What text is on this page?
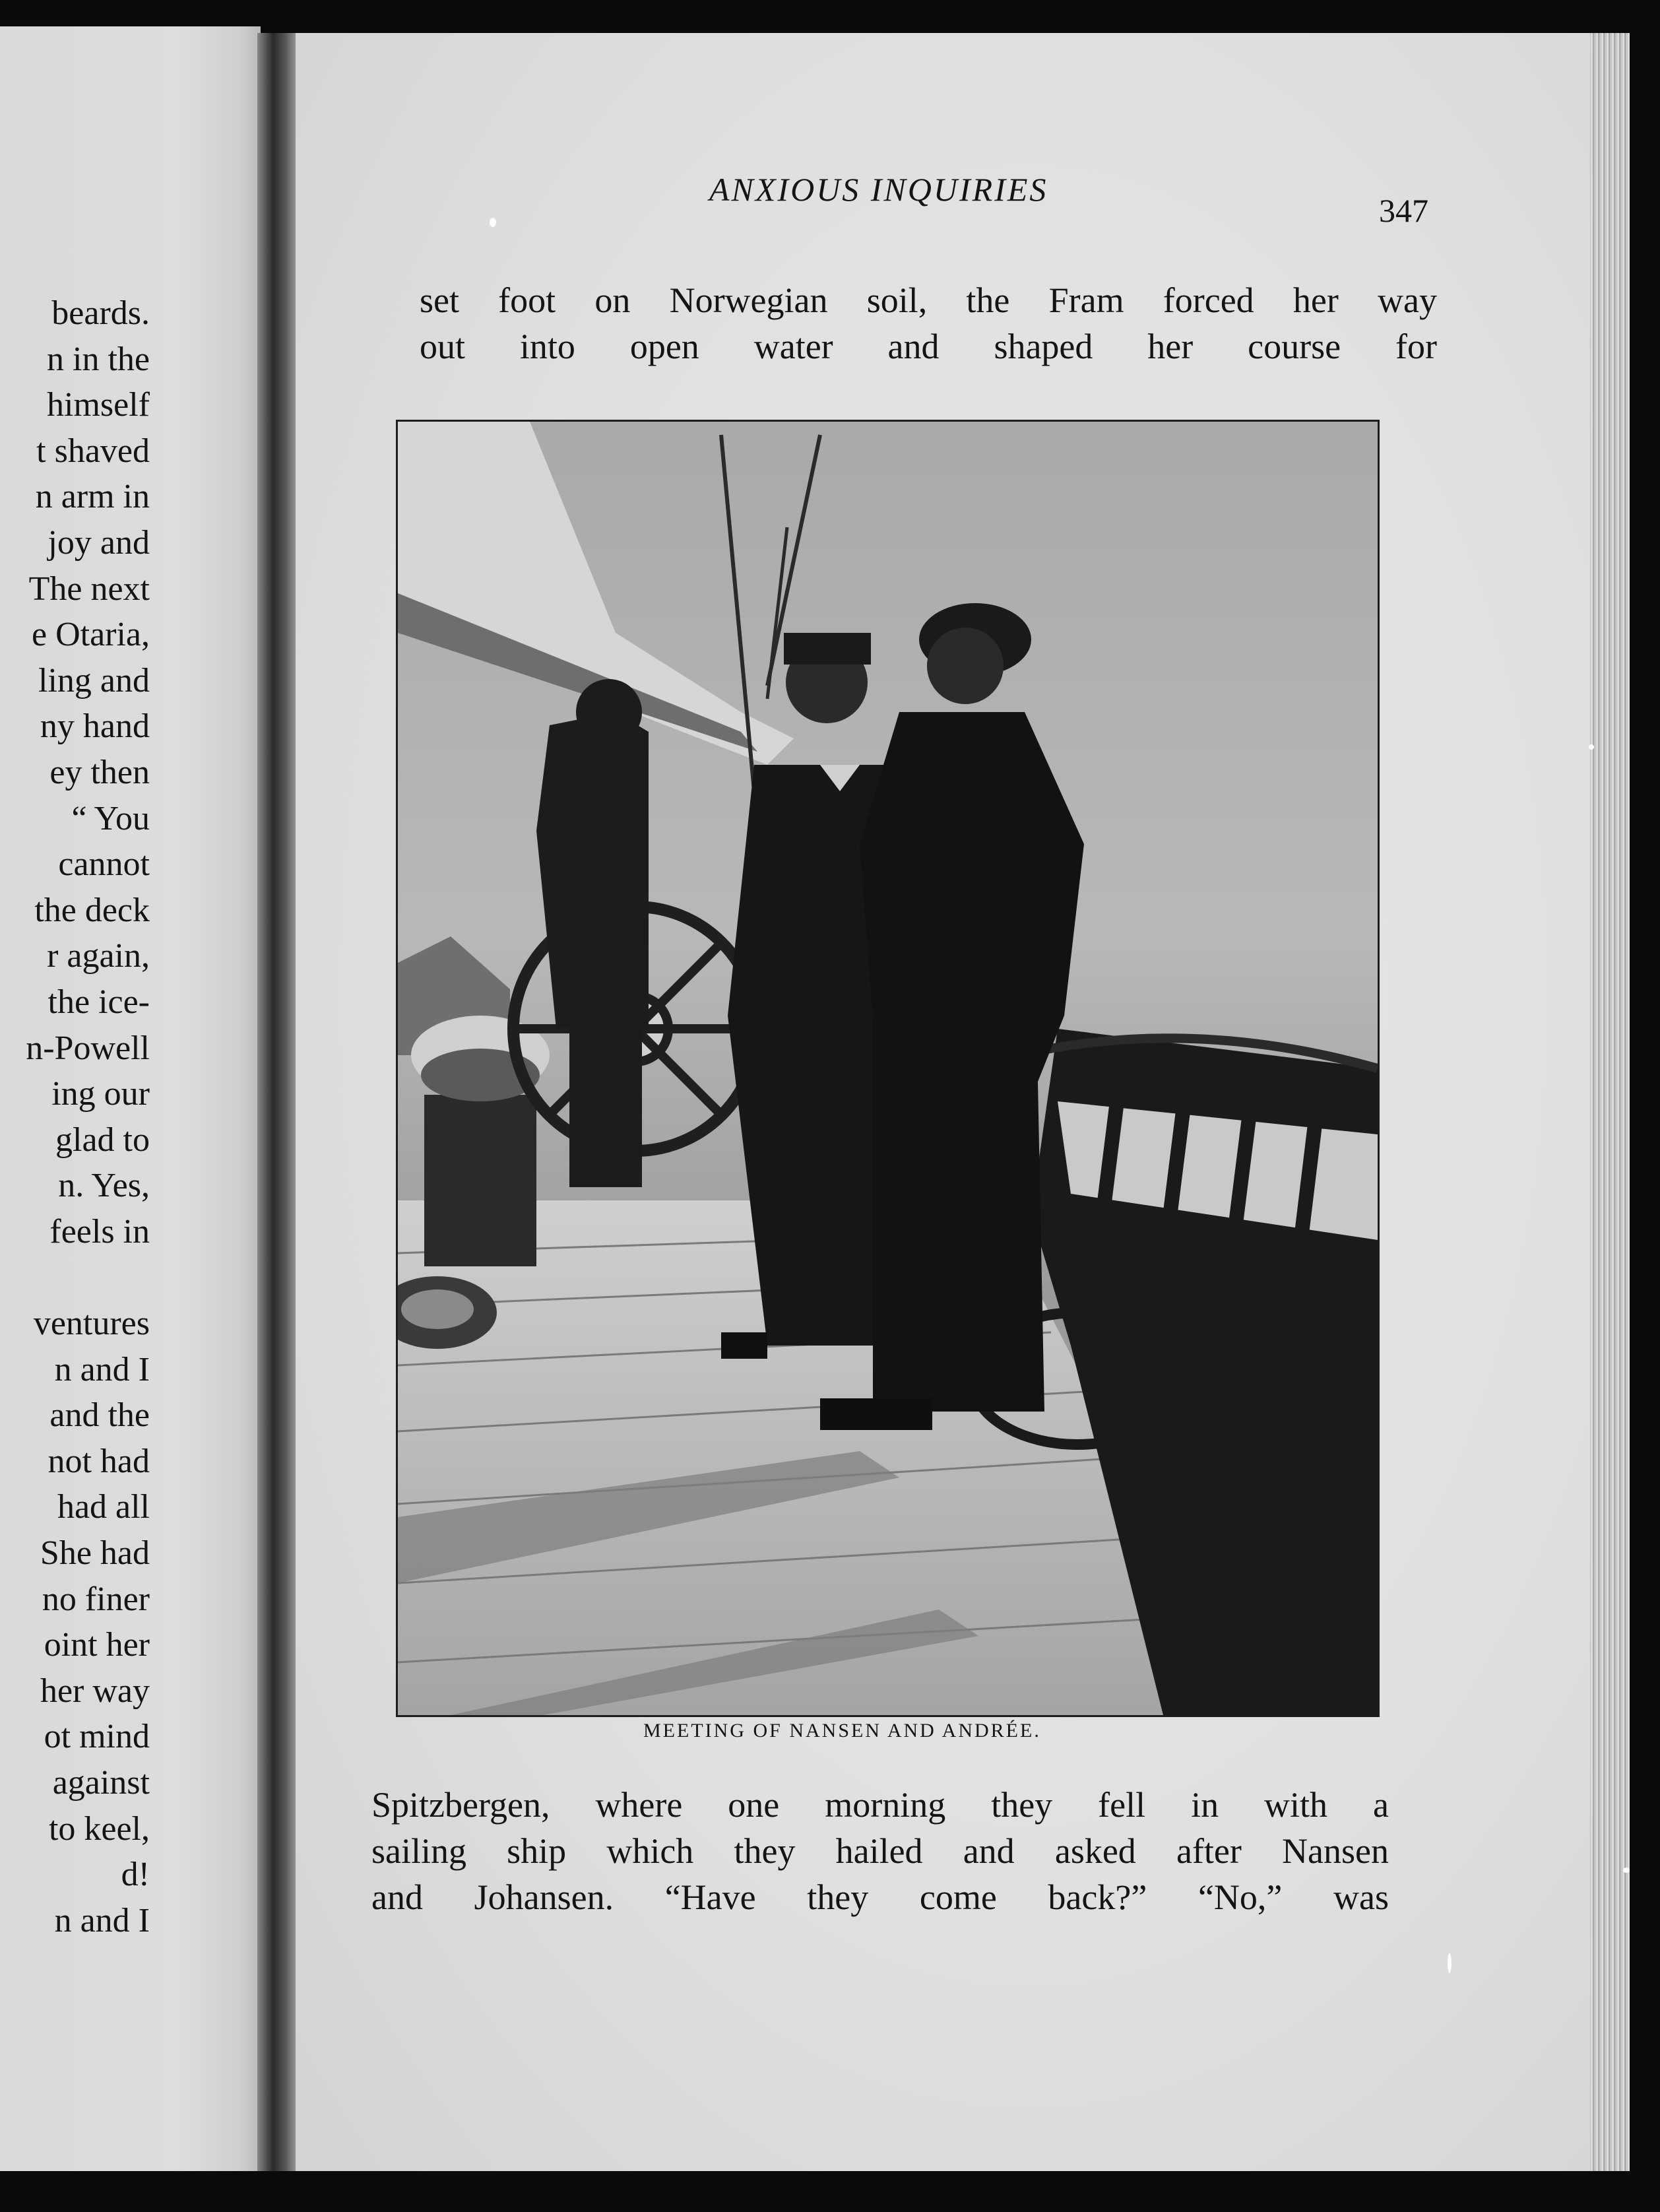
beards.
n in the
himself
t shaved
n arm in
joy and
The next
e Otaria,
ling and
ny hand
ey then
“ You
cannot
the deck
r again,
the ice-
n-Powell
ing our
glad to
n. Yes,
feels in
ventures
n and I
and the
not had
had all
She had
no finer
oint her
her way
ot mind
against
to keel,
d!
n and I
ANXIOUS INQUIRIES
347
set foot on Norwegian soil, the Fram forced her way
out into open water and shaped her course for
MEETING OF NANSEN AND ANDRÉE.
Spitzbergen, where one morning they fell in with a
sailing ship which they hailed and asked after Nansen
and Johansen. “Have they come back?” “No,” was
